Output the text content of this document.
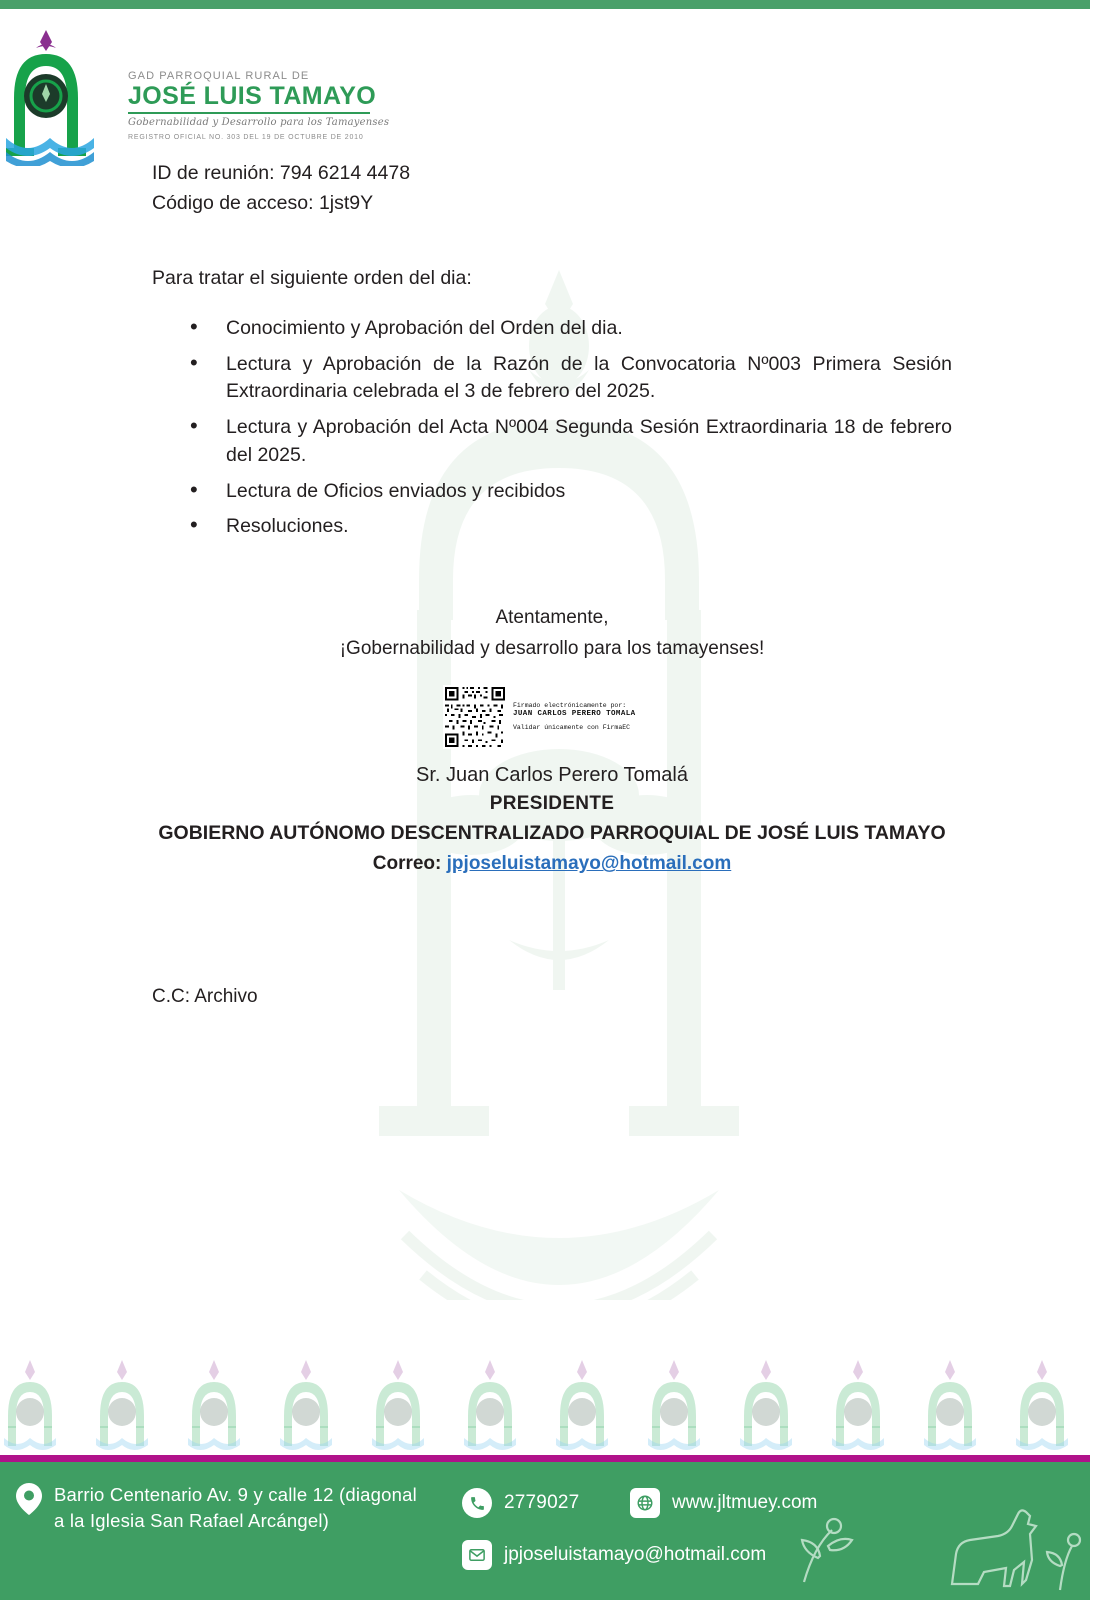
GAD PARROQUIAL RURAL DE
JOSÉ LUIS TAMAYO
Gobernabilidad y Desarrollo para los Tamayenses
REGISTRO OFICIAL NO. 303 DEL 19 DE OCTUBRE DE 2010

ID de reunión: 794 6214 4478

Código de acceso: 1jst9Y

Para tratar el siguiente orden del dia:

• Conocimiento y Aprobación del Orden del dia.
• Lectura y Aprobación de la Razón de la Convocatoria Nº003 Primera Sesión Extraordinaria celebrada el 3 de febrero del 2025.
• Lectura y Aprobación del Acta Nº004 Segunda Sesión Extraordinaria 18 de febrero del 2025.
• Lectura de Oficios enviados y recibidos
• Resoluciones.
Atentamente,
¡Gobernabilidad y desarrollo para los tamayenses!
Firmado electrónicamente por:
JUAN CARLOS PERERO TOMALA
Validar únicamente con FirmaEC
Sr. Juan Carlos Perero Tomalá
PRESIDENTE
GOBIERNO AUTÓNOMO DESCENTRALIZADO PARROQUIAL DE JOSÉ LUIS TAMAYO
Correo: jpjoseluistamayo@hotmail.com
C.C: Archivo
Barrio Centenario Av. 9 y calle 12 (diagonal a la Iglesia San Rafael Arcángel)
2779027	www.jltmuey.com
jpjoseluistamayo@hotmail.com
